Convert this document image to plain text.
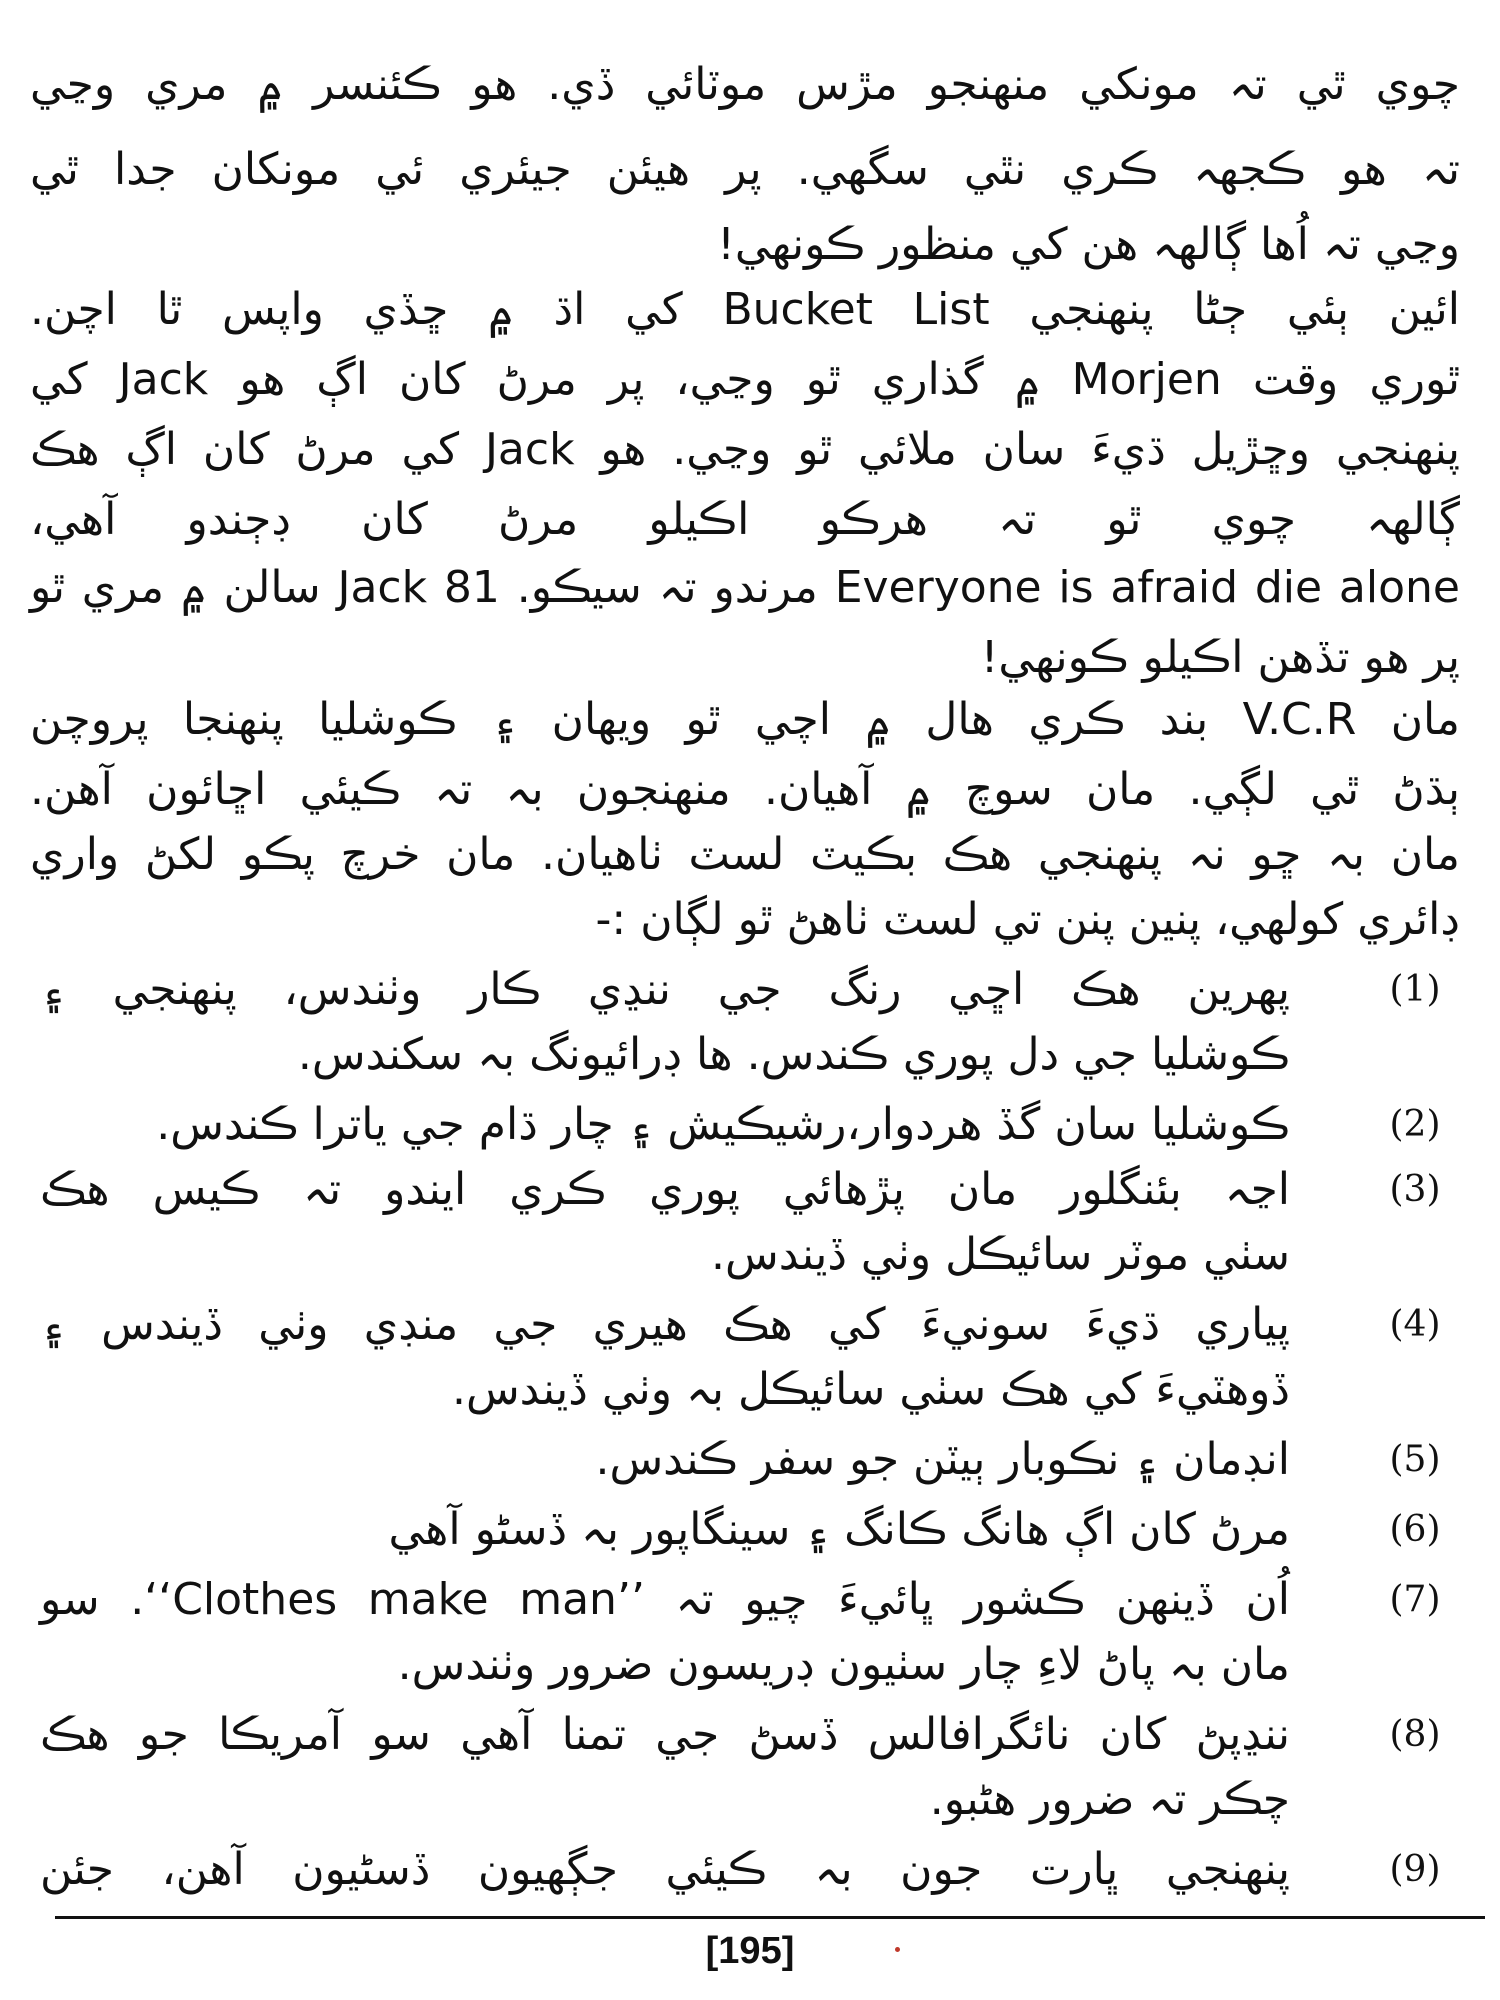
چوي ٿي تہ مونکي منهنجو مڙس موٽائي ڏي. هو ڪئنسر ۾ مري وڃي
تہ هو ڪجهہ ڪري نٿي سگهي. پر هيئن جيئري ئي مونکان جدا ٿي
وڃي تہ اُها ڳالهہ هن کي منظور ڪونهي!
ائين ٻئي ڄڻا پنهنجي Bucket List کي اڌ ۾ ڇڏي واپس ٿا اچن.
ٿوري وقت Morjen ۾ گذاري ٿو وڃي، پر مرڻ کان اڳ هو Jack کي
پنهنجي وڇڙيل ڌيءَ سان ملائي ٿو وڃي. هو Jack کي مرڻ کان اڳ هڪ
ڳالهہ چوي ٿو تہ هرڪو اڪيلو مرڻ کان ڊڄندو آهي،
Everyone is afraid die alone مرندو تہ سيڪو. Jack 81 سالن ۾ مري ٿو
پر هو تڏهن اڪيلو ڪونهي!
مان V.C.R بند ڪري هال ۾ اچي ٿو ويهان ۽ ڪوشليا پنهنجا پروچن
ٻڌڻ ٿي لڳي. مان سوچ ۾ آهيان. منهنجون بہ تہ ڪيئي اڇائون آهن.
مان بہ ڇو نہ پنهنجي هڪ بڪيٽ لسٽ ٺاهيان. مان خرچ پڪو لکڻ واري
ڊائري کولهي، پنين پنن تي لسٽ ٺاهڻ ٿو لڳان :-
(1)
پهرين هڪ اڇي رنگ جي ننڍي ڪار وٺندس، پنهنجي ۽
ڪوشليا جي دل پوري ڪندس. ها ڊرائيونگ بہ سکندس.
(2)
ڪوشليا سان گڏ هردوار،رشيڪيش ۽ چار ڌام جي ياترا ڪندس.
(3)
اڃہ بئنگلور مان پڙهائي پوري ڪري ايندو تہ ڪيس هڪ
سٺي موٽر سائيڪل وٺي ڏيندس.
(4)
پياري ڌيءَ سونيءَ کي هڪ هيري جي منڊي وٺي ڏيندس ۽
ڏوهٽيءَ کي هڪ سٺي سائيڪل بہ وٺي ڏيندس.
(5)
انڊمان ۽ نڪوبار ٻيٽن جو سفر ڪندس.
(6)
مرڻ کان اڳ هانگ ڪانگ ۽ سينگاپور بہ ڏسڻو آهي
(7)
اُن ڏينهن ڪشور ڀائيءَ چيو تہ ’’Clothes make man‘‘. سو
مان بہ پاڻ لاءِ چار سٺيون ڊريسون ضرور وٺندس.
(8)
ننڍپڻ کان نائگرافالس ڏسڻ جي تمنا آهي سو آمريڪا جو هڪ
چڪر تہ ضرور هڻبو.
(9)
پنهنجي ڀارت جون بہ ڪيئي جڳهيون ڏسڻيون آهن، جئن
[195]
